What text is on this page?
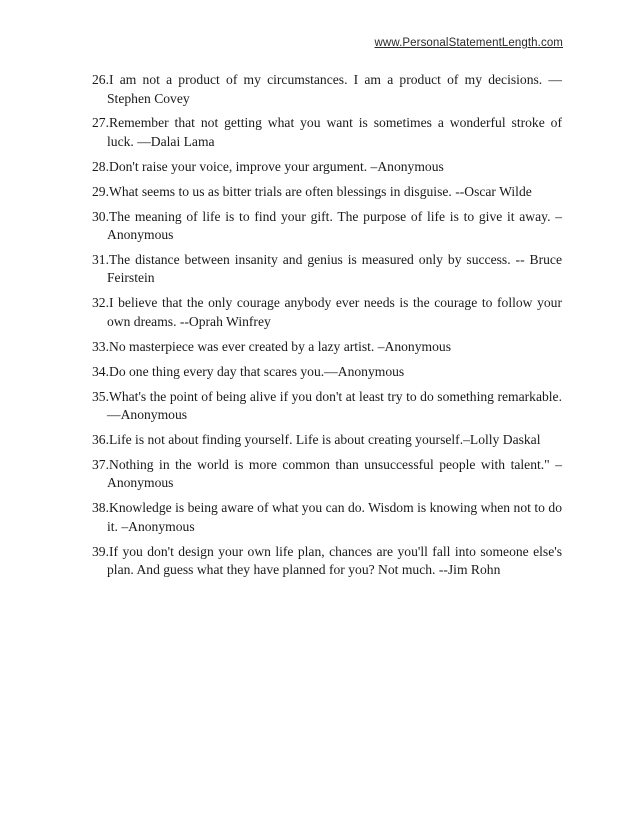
www.PersonalStatementLength.com
26.I am not a product of my circumstances. I am a product of my decisions. — Stephen Covey
27.Remember that not getting what you want is sometimes a wonderful stroke of luck. —Dalai Lama
28.Don't raise your voice, improve your argument. –Anonymous
29.What seems to us as bitter trials are often blessings in disguise. --Oscar Wilde
30.The meaning of life is to find your gift. The purpose of life is to give it away. –Anonymous
31.The distance between insanity and genius is measured only by success. -- Bruce Feirstein
32.I believe that the only courage anybody ever needs is the courage to follow your own dreams. --Oprah Winfrey
33.No masterpiece was ever created by a lazy artist. –Anonymous
34.Do one thing every day that scares you.—Anonymous
35.What's the point of being alive if you don't at least try to do something remarkable.—Anonymous
36.Life is not about finding yourself. Life is about creating yourself.–Lolly Daskal
37.Nothing in the world is more common than unsuccessful people with talent." –Anonymous
38.Knowledge is being aware of what you can do. Wisdom is knowing when not to do it. –Anonymous
39.If you don't design your own life plan, chances are you'll fall into someone else's plan. And guess what they have planned for you? Not much. --Jim Rohn
